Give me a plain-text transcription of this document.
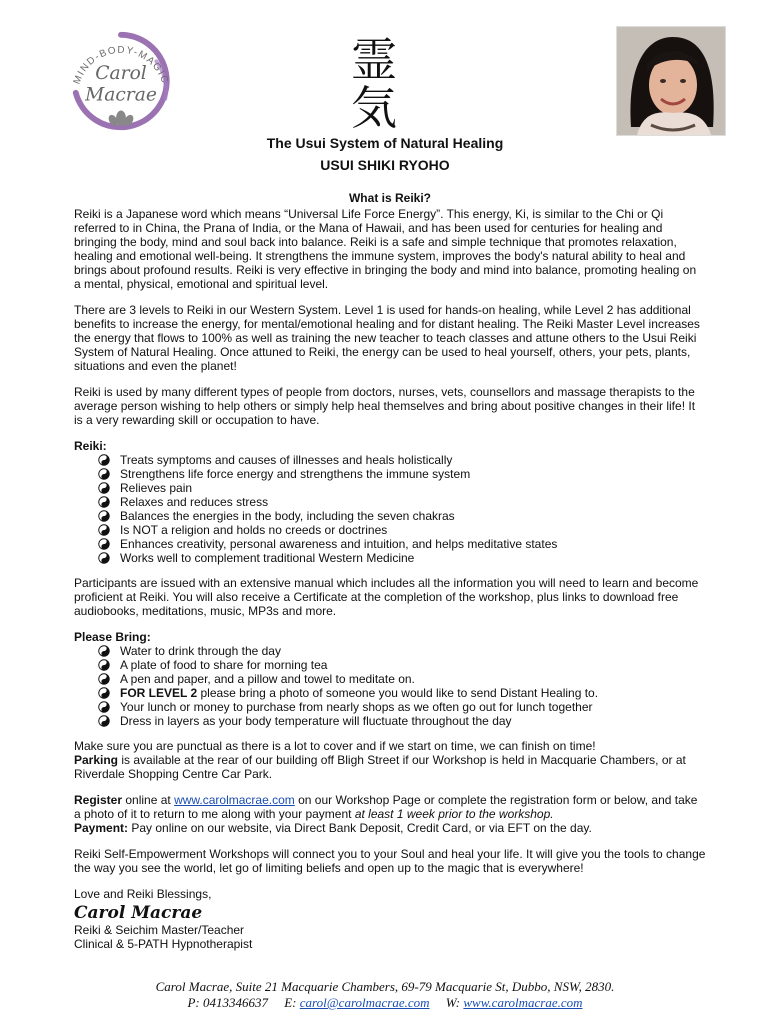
MIND-BODY-MAGIC
Carol
Macrae
霊
気
The Usui System of Natural Healing
USUI SHIKI RYOHO
What is Reiki?

Reiki is a Japanese word which means “Universal Life Force Energy”. This energy, Ki, is similar to the Chi or Qi referred to in China, the Prana of India, or the Mana of Hawaii, and has been used for centuries for healing and bringing the body, mind and soul back into balance. Reiki is a safe and simple technique that promotes relaxation, healing and emotional well-being. It strengthens the immune system, improves the body's natural ability to heal and brings about profound results. Reiki is very effective in bringing the body and mind into balance, promoting healing on a mental, physical, emotional and spiritual level.

There are 3 levels to Reiki in our Western System. Level 1 is used for hands-on healing, while Level 2 has additional benefits to increase the energy, for mental/emotional healing and for distant healing. The Reiki Master Level increases the energy that flows to 100% as well as training the new teacher to teach classes and attune others to the Usui Reiki System of Natural Healing. Once attuned to Reiki, the energy can be used to heal yourself, others, your pets, plants, situations and even the planet!

Reiki is used by many different types of people from doctors, nurses, vets, counsellors and massage therapists to the average person wishing to help others or simply help heal themselves and bring about positive changes in their life! It is a very rewarding skill or occupation to have.

Reiki:
Treats symptoms and causes of illnesses and heals holistically
Strengthens life force energy and strengthens the immune system
Relieves pain
Relaxes and reduces stress
Balances the energies in the body, including the seven chakras
Is NOT a religion and holds no creeds or doctrines
Enhances creativity, personal awareness and intuition, and helps meditative states
Works well to complement traditional Western Medicine

Participants are issued with an extensive manual which includes all the information you will need to learn and become proficient at Reiki. You will also receive a Certificate at the completion of the workshop, plus links to download free audiobooks, meditations, music, MP3s and more.

Please Bring:
Water to drink through the day
A plate of food to share for morning tea
A pen and paper, and a pillow and towel to meditate on.
FOR LEVEL 2 please bring a photo of someone you would like to send Distant Healing to.
Your lunch or money to purchase from nearly shops as we often go out for lunch together
Dress in layers as your body temperature will fluctuate throughout the day

Make sure you are punctual as there is a lot to cover and if we start on time, we can finish on time!

Parking is available at the rear of our building off Bligh Street if our Workshop is held in Macquarie Chambers, or at Riverdale Shopping Centre Car Park.

Register online at www.carolmacrae.com on our Workshop Page or complete the registration form or below, and take a photo of it to return to me along with your payment at least 1 week prior to the workshop.

Payment: Pay online on our website, via Direct Bank Deposit, Credit Card, or via EFT on the day.

Reiki Self-Empowerment Workshops will connect you to your Soul and heal your life. It will give you the tools to change the way you see the world, let go of limiting beliefs and open up to the magic that is everywhere!

Love and Reiki Blessings,

Carol Macrae
Reiki & Seichim Master/Teacher
Clinical & 5-PATH Hypnotherapist
Carol Macrae, Suite 21 Macquarie Chambers, 69-79 Macquarie St, Dubbo, NSW, 2830.
P: 0413346637 E: carol@carolmacrae.com W: www.carolmacrae.com
